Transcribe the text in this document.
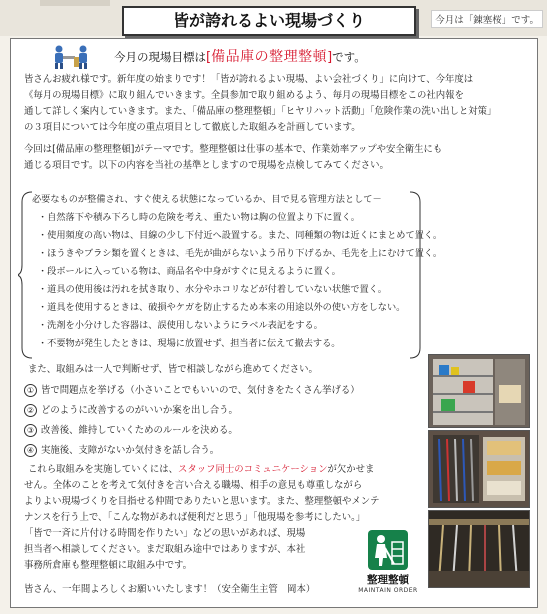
今月は「錬塞桜」です。
皆が誇れるよい現場づくり
今月の現場目標は[備品庫の整理整頓]です。
皆さんお疲れ様です。新年度の始まりです！「皆が誇れるよい現場、よい会社づくり」に向けて、今年度は
《毎月の現場目標》に取り組んでいきます。全員参加で取り組めるよう、毎月の現場目標をこの社内報を
通して詳しく案内していきます。また、「備品庫の整理整頓」「ヒヤリハット活動」「危険作業の洗い出しと対策」
の３項目については今年度の重点項目として徹底した取組みを計画しています。
今回は[備品庫の整理整頓]がテーマです。整理整頓は仕事の基本で、作業効率アップや安全衛生にも
通じる項目です。以下の内容を当社の基準としますので現場を点検してみてください。
必要なものが整備され、すぐ使える状態になっているか、目で見る管理方法として－
・自然落下や積み下ろし時の危険を考え、重たい物は胸の位置より下に置く。
・使用頻度の高い物は、目線の少し下付近へ設置する。また、同種類の物は近くにまとめて置く。
・ほうきやブラシ類を置くときは、毛先が曲がらないよう吊り下げるか、毛先を上にむけて置く。
・段ボールに入っている物は、商品名や中身がすぐに見えるように置く。
・道具の使用後は汚れを拭き取り、水分やホコリなどが付着していない状態で置く。
・道具を使用するときは、破損やケガを防止するため本来の用途以外の使い方をしない。
・洗剤を小分けした容器は、誤使用しないようにラベル表記をする。
・不要物が発生したときは、現場に放置せず、担当者に伝えて撤去する。
また、取組みは一人で判断せず、皆で相談しながら進めてください。
① 皆で問題点を挙げる（小さいことでもいいので、気付きをたくさん挙げる）
② どのように改善するのがいいか案を出し合う。
③ 改善後、維持していくためのルールを決める。
④ 実施後、支障がないか気付きを話し合う。
これら取組みを実施していくには、スタッフ同士のコミュニケーションが欠かせま
せん。全体のことを考えて気付きを言い合える職場、相手の意見も尊重しながら
よりよい現場づくりを目指せる仲間でありたいと思います。また、整理整頓やメンテ
ナンスを行う上で、「こんな物があれば便利だと思う」「他現場を参考にしたい。」
「皆で一斉に片付ける時間を作りたい」などの思いがあれば、現場
担当者へ相談してください。まだ取組み途中ではありますが、本社
事務所倉庫も整理整頓に取組み中です。
皆さん、一年間よろしくお願いいたします！（安全衛生主管　岡本）
整理整頓
MAINTAIN ORDER
